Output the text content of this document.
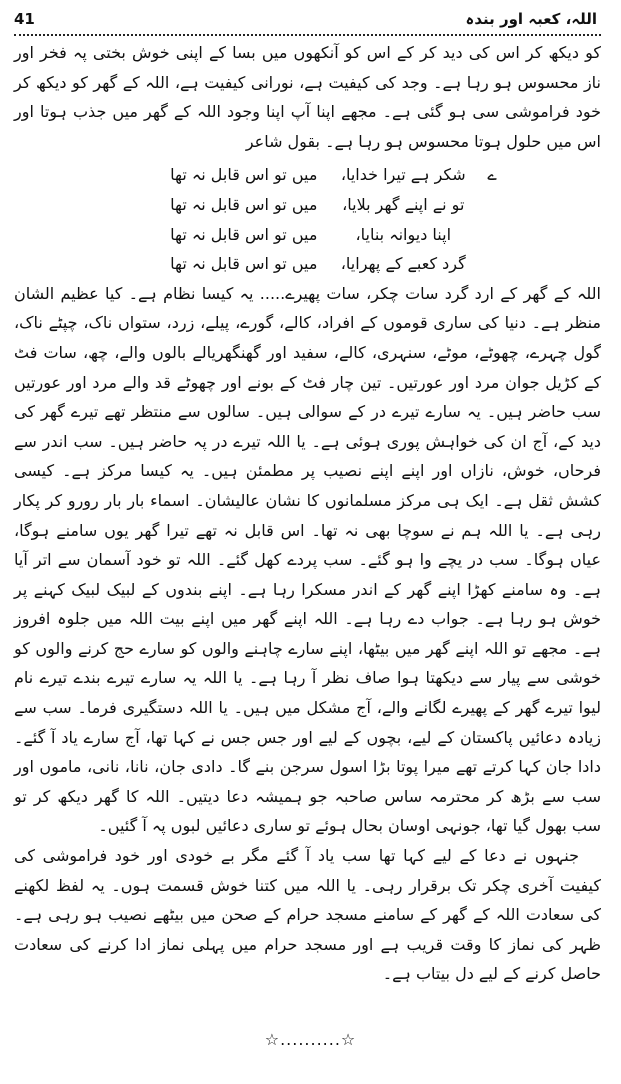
41	اللہ، کعبہ اور بندہ

کو دیکھ کر اس کی دید کر کے اس کو آنکھوں میں بسا کے اپنی خوش بختی پہ فخر اور ناز محسوس ہو رہا ہے۔ وجد کی کیفیت ہے، نورانی کیفیت ہے، اللہ کے گھر کو دیکھ کر خود فراموشی سی ہو گئی ہے۔ مجھے اپنا آپ اپنا وجود اللہ کے گھر میں جذب ہوتا اور اس میں حلول ہوتا محسوس ہو رہا ہے۔ بقول شاعر

ے
شکر ہے تیرا خدایا،
میں تو اس قابل نہ تھا
تو نے اپنے گھر بلایا،
میں تو اس قابل نہ تھا
اپنا دیوانہ بنایا،
میں تو اس قابل نہ تھا
گرد کعبے کے پھرایا،
میں تو اس قابل نہ تھا

اللہ کے گھر کے ارد گرد سات چکر، سات پھیرے..... یہ کیسا نظام ہے۔ کیا عظیم الشان منظر ہے۔ دنیا کی ساری قوموں کے افراد، کالے، گورے، پیلے، زرد، ستواں ناک، چپٹے ناک، گول چہرے، چھوٹے، موٹے، سنہری، کالے، سفید اور گھنگھریالے بالوں والے، چھ، سات فٹ کے کڑیل جوان مرد اور عورتیں۔ تین چار فٹ کے بونے اور چھوٹے قد والے مرد اور عورتیں سب حاضر ہیں۔ یہ سارے تیرے در کے سوالی ہیں۔ سالوں سے منتظر تھے تیرے گھر کی دید کے، آج ان کی خواہش پوری ہوئی ہے۔ یا اللہ تیرے در پہ حاضر ہیں۔ سب اندر سے فرحاں، خوش، نازاں اور اپنے اپنے نصیب پر مطمئن ہیں۔ یہ کیسا مرکز ہے۔ کیسی کشش ثقل ہے۔ ایک ہی مرکز مسلمانوں کا نشان عالیشان۔ اسماء بار بار رورو کر پکار رہی ہے۔ یا اللہ ہم نے سوچا بھی نہ تھا۔ اس قابل نہ تھے تیرا گھر یوں سامنے ہوگا، عیاں ہوگا۔ سب در یچے وا ہو گئے۔ سب پردے کھل گئے۔ اللہ تو خود آسمان سے اتر آیا ہے۔ وہ سامنے کھڑا اپنے گھر کے اندر مسکرا رہا ہے۔ اپنے بندوں کے لبیک لبیک کہنے پر خوش ہو رہا ہے۔ جواب دے رہا ہے۔ اللہ اپنے گھر میں اپنے بیت اللہ میں جلوہ افروز ہے۔ مجھے تو اللہ اپنے گھر میں بیٹھا، اپنے سارے چاہنے والوں کو سارے حج کرنے والوں کو خوشی سے پیار سے دیکھتا ہوا صاف نظر آ رہا ہے۔ یا اللہ یہ سارے تیرے بندے تیرے نام لیوا تیرے گھر کے پھیرے لگانے والے، آج مشکل میں ہیں۔ یا اللہ دستگیری فرما۔ سب سے زیادہ دعائیں پاکستان کے لیے، بچوں کے لیے اور جس جس نے کہا تھا، آج سارے یاد آ گئے۔ دادا جان کہا کرتے تھے میرا پوتا بڑا اسول سرجن بنے گا۔ دادی جان، نانا، نانی، ماموں اور سب سے بڑھ کر محترمہ ساس صاحبہ جو ہمیشہ دعا دیتیں۔ اللہ کا گھر دیکھ کر تو سب بھول گیا تھا، جونہی اوسان بحال ہوئے تو ساری دعائیں لبوں پہ آ گئیں۔

جنہوں نے دعا کے لیے کہا تھا سب یاد آ گئے مگر بے خودی اور خود فراموشی کی کیفیت آخری چکر تک برقرار رہی۔ یا اللہ میں کتنا خوش قسمت ہوں۔ یہ لفظ لکھنے کی سعادت اللہ کے گھر کے سامنے مسجد حرام کے صحن میں بیٹھے نصیب ہو رہی ہے۔ ظہر کی نماز کا وقت قریب ہے اور مسجد حرام میں پہلی نماز ادا کرنے کی سعادت حاصل کرنے کے لیے دل بیتاب ہے۔

☆..........☆
